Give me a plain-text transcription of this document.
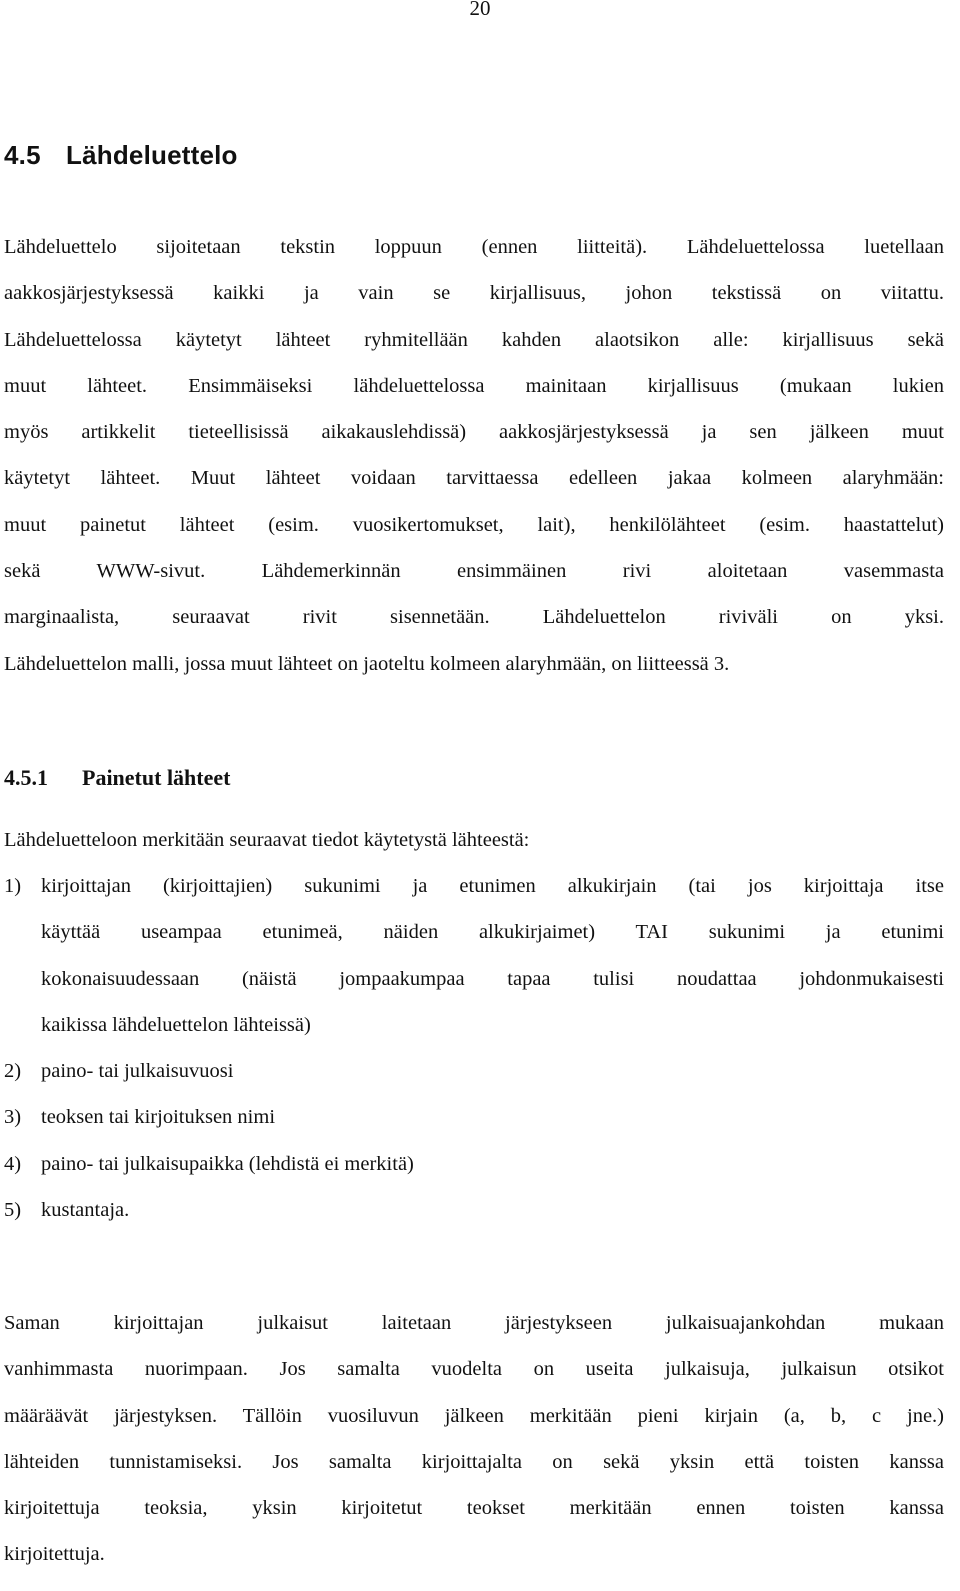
20
4.5 Lähdeluettelo
Lähdeluettelo sijoitetaan tekstin loppuun (ennen liitteitä). Lähdeluettelossa luetellaan
aakkosjärjestyksessä kaikki ja vain se kirjallisuus, johon tekstissä on viitattu.
Lähdeluettelossa käytetyt lähteet ryhmitellään kahden alaotsikon alle: kirjallisuus sekä
muut lähteet. Ensimmäiseksi lähdeluettelossa mainitaan kirjallisuus (mukaan lukien
myös artikkelit tieteellisissä aikakauslehdissä) aakkosjärjestyksessä ja sen jälkeen muut
käytetyt lähteet. Muut lähteet voidaan tarvittaessa edelleen jakaa kolmeen alaryhmään:
muut painetut lähteet (esim. vuosikertomukset, lait), henkilölähteet (esim. haastattelut)
sekä WWW-sivut. Lähdemerkinnän ensimmäinen rivi aloitetaan vasemmasta
marginaalista, seuraavat rivit sisennetään. Lähdeluettelon riviväli on yksi.
Lähdeluettelon malli, jossa muut lähteet on jaoteltu kolmeen alaryhmään, on liitteessä 3.
4.5.1 Painetut lähteet
Lähdeluetteloon merkitään seuraavat tiedot käytetystä lähteestä:
1) kirjoittajan (kirjoittajien) sukunimi ja etunimen alkukirjain (tai jos kirjoittaja itse
käyttää useampaa etunimeä, näiden alkukirjaimet) TAI sukunimi ja etunimi
kokonaisuudessaan (näistä jompaakumpaa tapaa tulisi noudattaa johdonmukaisesti
kaikissa lähdeluettelon lähteissä)
2) paino- tai julkaisuvuosi
3) teoksen tai kirjoituksen nimi
4) paino- tai julkaisupaikka (lehdistä ei merkitä)
5) kustantaja.
Saman kirjoittajan julkaisut laitetaan järjestykseen julkaisuajankohdan mukaan
vanhimmasta nuorimpaan. Jos samalta vuodelta on useita julkaisuja, julkaisun otsikot
määräävät järjestyksen. Tällöin vuosiluvun jälkeen merkitään pieni kirjain (a, b, c jne.)
lähteiden tunnistamiseksi. Jos samalta kirjoittajalta on sekä yksin että toisten kanssa
kirjoitettuja teoksia, yksin kirjoitetut teokset merkitään ennen toisten kanssa
kirjoitettuja.
